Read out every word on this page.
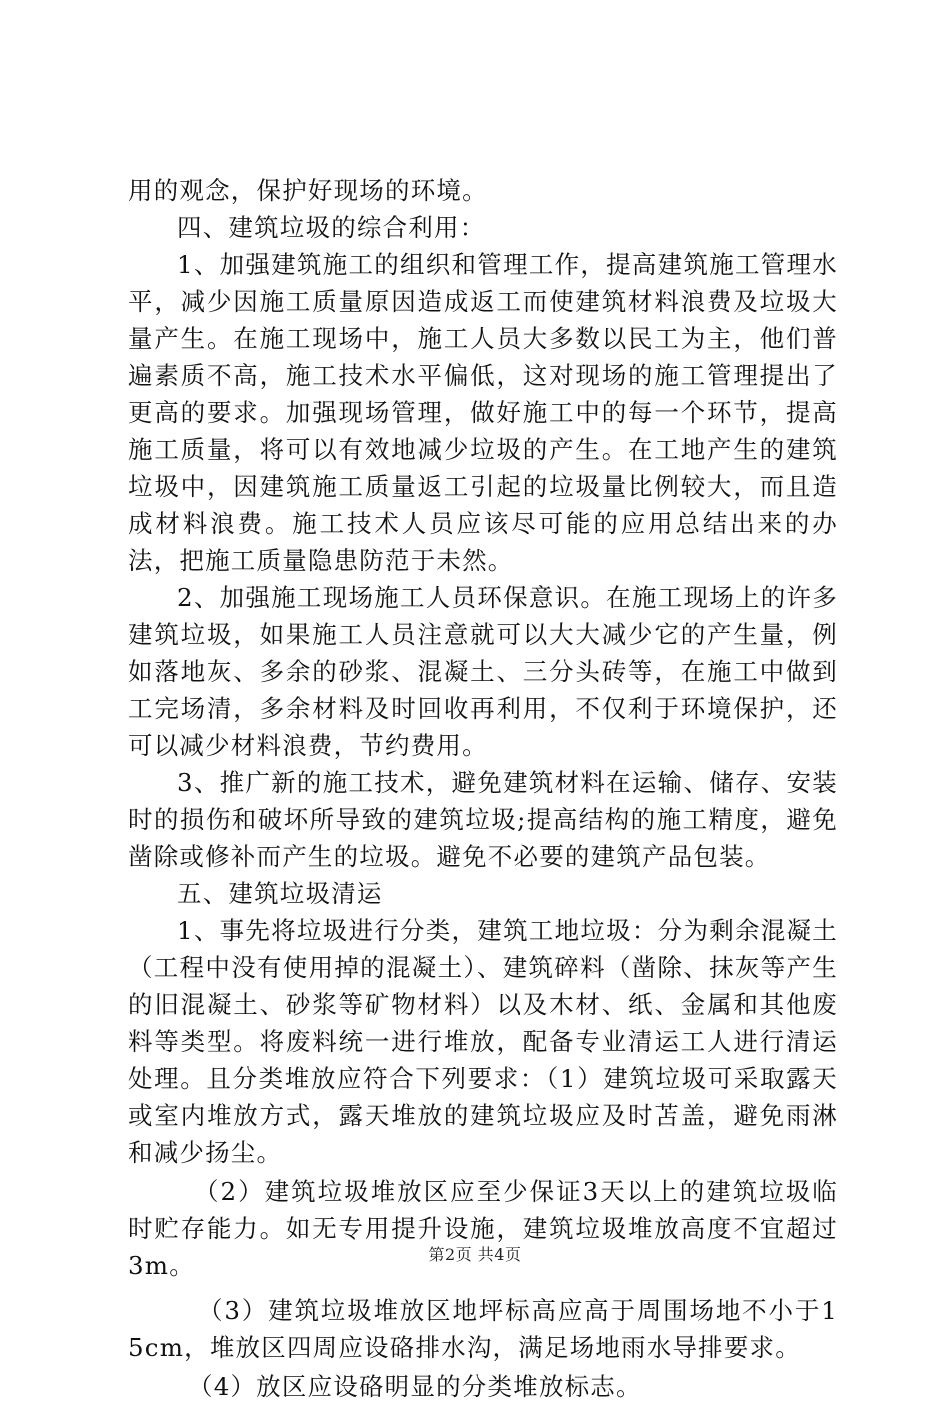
用的观念，保护好现场的环境。

四、建筑垃圾的综合利用：

1、加强建筑施工的组织和管理工作，提高建筑施工管理水平，减少因施工质量原因造成返工而使建筑材料浪费及垃圾大量产生。在施工现场中，施工人员大多数以民工为主，他们普遍素质不高，施工技术水平偏低，这对现场的施工管理提出了更高的要求。加强现场管理，做好施工中的每一个环节，提高施工质量，将可以有效地减少垃圾的产生。在工地产生的建筑垃圾中，因建筑施工质量返工引起的垃圾量比例较大，而且造成材料浪费。施工技术人员应该尽可能的应用总结出来的办法，把施工质量隐患防范于未然。

2、加强施工现场施工人员环保意识。在施工现场上的许多建筑垃圾，如果施工人员注意就可以大大减少它的产生量，例如落地灰、多余的砂浆、混凝土、三分头砖等，在施工中做到工完场清，多余材料及时回收再利用，不仅利于环境保护，还可以减少材料浪费，节约费用。

3、推广新的施工技术，避免建筑材料在运输、储存、安装时的损伤和破坏所导致的建筑垃圾;提高结构的施工精度，避免凿除或修补而产生的垃圾。避免不必要的建筑产品包装。

五、建筑垃圾清运

1、事先将垃圾进行分类，建筑工地垃圾：分为剩余混凝土（工程中没有使用掉的混凝土）、建筑碎料（凿除、抹灰等产生的旧混凝土、砂浆等矿物材料）以及木材、纸、金属和其他废料等类型。将废料统一进行堆放，配备专业清运工人进行清运处理。且分类堆放应符合下列要求：（1）建筑垃圾可采取露天或室内堆放方式，露天堆放的建筑垃圾应及时苫盖，避免雨淋和减少扬尘。

（2）建筑垃圾堆放区应至少保证3天以上的建筑垃圾临时贮存能力。如无专用提升设施，建筑垃圾堆放高度不宜超过3m。

（3）建筑垃圾堆放区地坪标高应高于周围场地不小于15cm，堆放区四周应设硌排水沟，满足场地雨水导排要求。

（4）放区应设硌明显的分类堆放标志。

第2页 共4页
